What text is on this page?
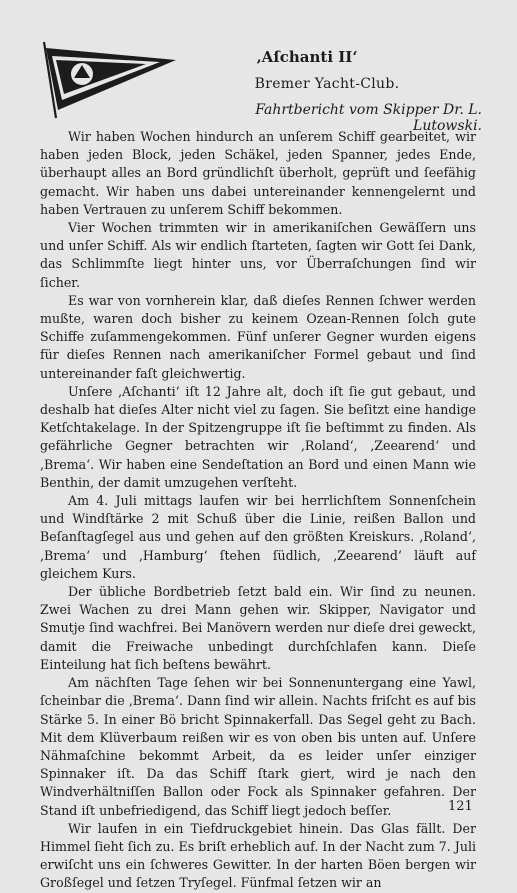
‚Aſchanti II‘
Bremer Yacht-Club.
Fahrtbericht vom Skipper Dr. L. Lutowski.

Wir haben Wochen hindurch an unſerem Schiff gearbeitet, wir haben jeden Block, jeden Schäkel, jeden Spanner, jedes Ende, überhaupt alles an Bord gründlichſt überholt, geprüft und ſeefähig gemacht. Wir haben uns dabei untereinander kennengelernt und haben Vertrauen zu unſerem Schiff bekommen.

Vier Wochen trimmten wir in amerikaniſchen Gewäſſern uns und unſer Schiff. Als wir endlich ſtarteten, ſagten wir Gott ſei Dank, das Schlimmſte liegt hinter uns, vor Überraſchungen ſind wir ſicher.

Es war von vornherein klar, daß dieſes Rennen ſchwer werden mußte, waren doch bisher zu keinem Ozean-Rennen ſolch gute Schiffe zuſammengekommen. Fünf unſerer Gegner wurden eigens für dieſes Rennen nach amerikaniſcher Formel gebaut und ſind untereinander faſt gleichwertig.

Unſere ‚Aſchanti‘ iſt 12 Jahre alt, doch iſt ſie gut gebaut, und deshalb hat dieſes Alter nicht viel zu ſagen. Sie beſitzt eine handige Ketſchtakelage. In der Spitzengruppe iſt ſie beſtimmt zu finden. Als gefährliche Gegner betrachten wir ‚Roland‘, ‚Zeearend‘ und ‚Brema‘. Wir haben eine Sendeſtation an Bord und einen Mann wie Benthin, der damit umzugehen verſteht.

Am 4. Juli mittags laufen wir bei herrlichſtem Sonnenſchein und Windſtärke 2 mit Schuß über die Linie, reißen Ballon und Beſanſtagſegel aus und gehen auf den größten Kreiskurs. ‚Roland‘, ‚Brema‘ und ‚Hamburg‘ ſtehen ſüdlich, ‚Zeearend‘ läuft auf gleichem Kurs.

Der übliche Bordbetrieb ſetzt bald ein. Wir ſind zu neunen. Zwei Wachen zu drei Mann gehen wir. Skipper, Navigator und Smutje ſind wachfrei. Bei Manövern werden nur dieſe drei geweckt, damit die Freiwache unbedingt durchſchlafen kann. Dieſe Einteilung hat ſich beſtens bewährt.

Am nächſten Tage ſehen wir bei Sonnenuntergang eine Yawl, ſcheinbar die ‚Brema‘. Dann ſind wir allein. Nachts friſcht es auf bis Stärke 5. In einer Bö bricht Spinnakerfall. Das Segel geht zu Bach. Mit dem Klüverbaum reißen wir es von oben bis unten auf. Unſere Nähmaſchine bekommt Arbeit, da es leider unſer einziger Spinnaker iſt. Da das Schiff ſtark giert, wird je nach den Windverhältniſſen Ballon oder Fock als Spinnaker gefahren. Der Stand iſt unbefriedigend, das Schiff liegt jedoch beſſer.

Wir laufen in ein Tiefdruckgebiet hinein. Das Glas fällt. Der Himmel ſieht ſich zu. Es briſt erheblich auf. In der Nacht zum 7. Juli erwiſcht uns ein ſchweres Gewitter. In der harten Böen bergen wir Großſegel und ſetzen Tryſegel. Fünfmal ſetzen wir an

121
